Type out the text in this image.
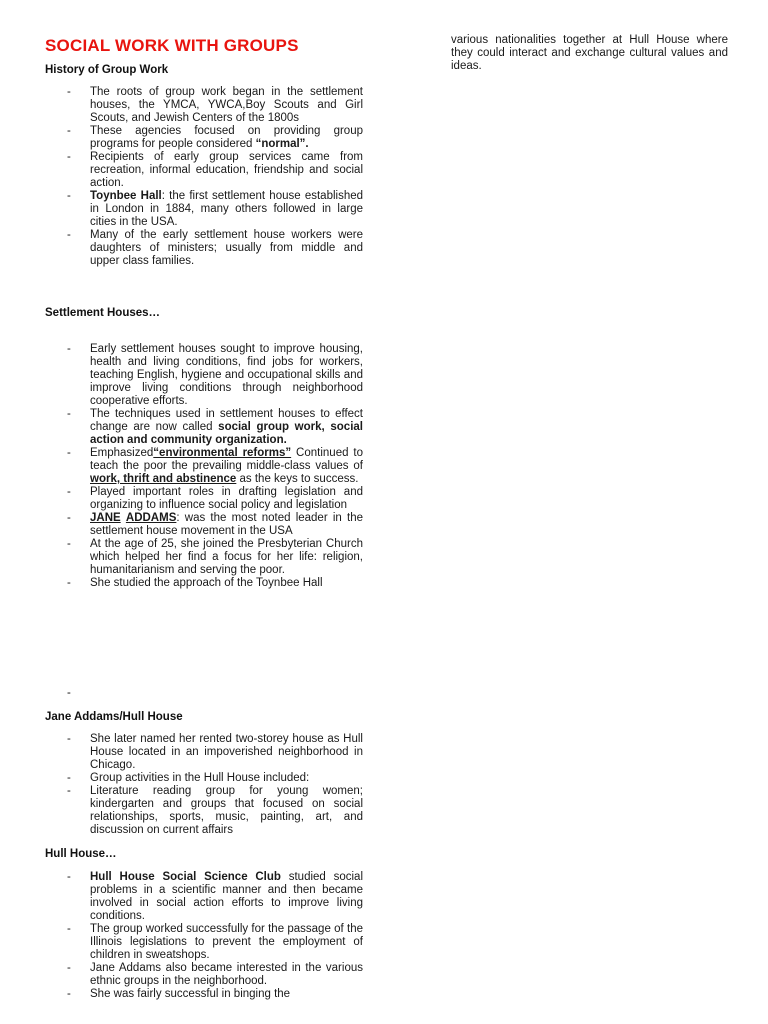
SOCIAL WORK WITH GROUPS
History of Group Work
- The roots of group work began in the settlement houses, the YMCA, YWCA,Boy Scouts and Girl Scouts, and Jewish Centers of the 1800s
- These agencies focused on providing group programs for people considered “normal”.
- Recipients of early group services came from recreation, informal education, friendship and social action.
- Toynbee Hall: the first settlement house established in London in 1884, many others followed in large cities in the USA.
- Many of the early settlement house workers were daughters of ministers; usually from middle and upper class families.
Settlement Houses…
- Early settlement houses sought to improve housing, health and living conditions, find jobs for workers, teaching English, hygiene and occupational skills and improve living conditions through neighborhood cooperative efforts.
- The techniques used in settlement houses to effect change are now called social group work, social action and community organization.
- Emphasized“environmental reforms” Continued to teach the poor the prevailing middle-class values of work, thrift and abstinence as the keys to success.
- Played important roles in drafting legislation and organizing to influence social policy and legislation
- JANE ADDAMS: was the most noted leader in the settlement house movement in the USA
- At the age of 25, she joined the Presbyterian Church which helped her find a focus for her life: religion, humanitarianism and serving the poor.
- She studied the approach of the Toynbee Hall
-
Jane Addams/Hull House
- She later named her rented two-storey house as Hull House located in an impoverished neighborhood in Chicago.
- Group activities in the Hull House included:
- Literature reading group for young women; kindergarten and groups that focused on social relationships, sports, music, painting, art, and discussion on current affairs
Hull House…
- Hull House Social Science Club studied social problems in a scientific manner and then became involved in social action efforts to improve living conditions.
- The group worked successfully for the passage of the Illinois legislations to prevent the employment of children in sweatshops.
- Jane Addams also became interested in the various ethnic groups in the neighborhood.
- She was fairly successful in binging the
various nationalities together at Hull House where they could interact and exchange cultural values and ideas.
